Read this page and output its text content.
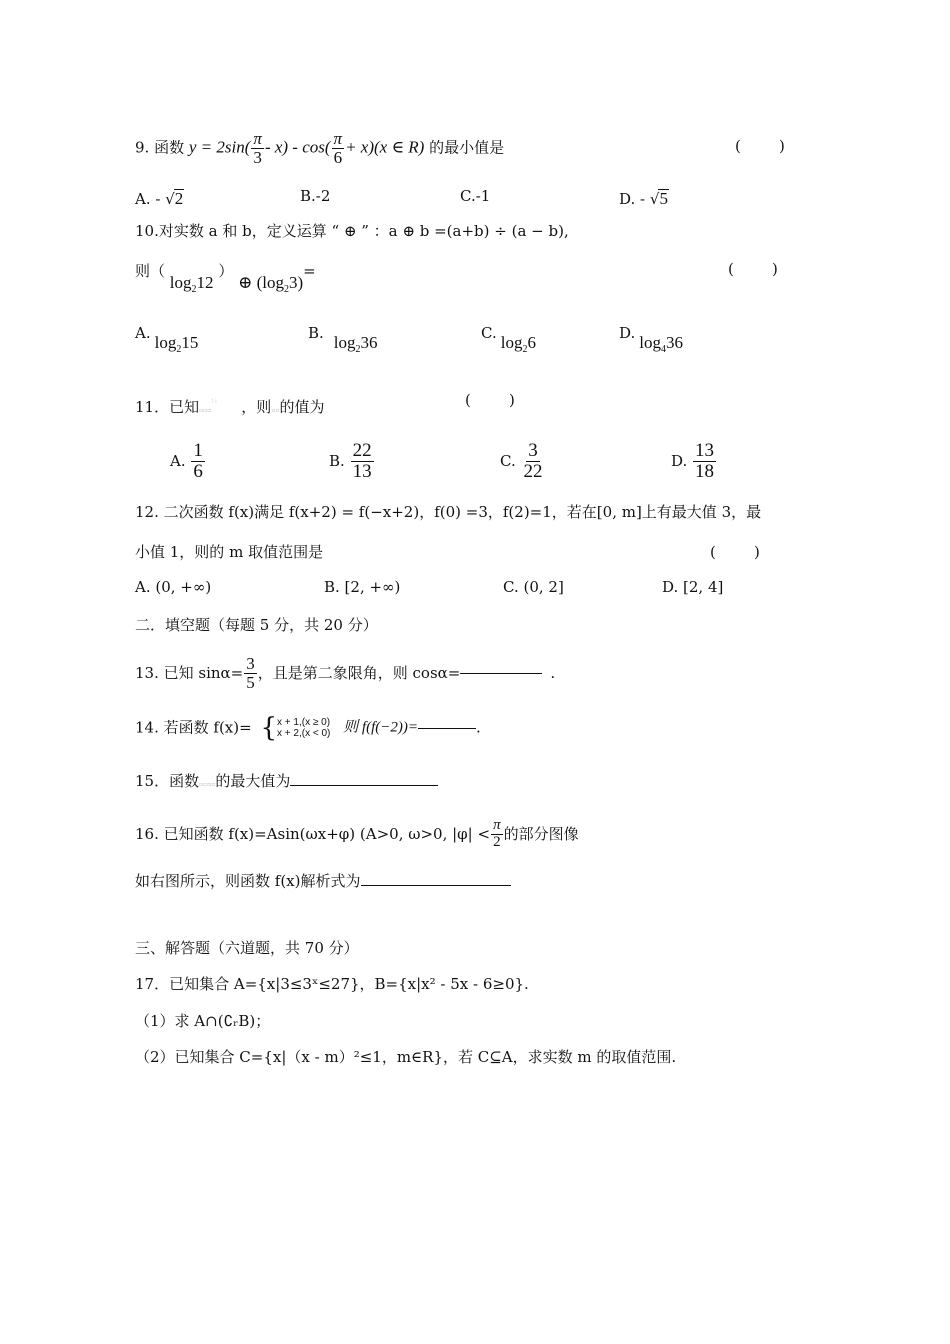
9. 函数 $y = 2\sin( \frac{\pi}{3} - x) - \cos( \frac{\pi}{6} + x)(x$ ∈ R) 的最小值是	(        )
A. - √2	B.-2	C.-1	D. - √5
10.对实数 a 和 b，定义运算 “ ⊕ ” ：a ⊕ b =(a+b) ÷ (a − b),
则（ $\log_212$ ） ⊕ $(\log_23)=$	(        )
A. $\log_215$	B. $\log_236$	C. $\log_26$	D. $\log_436$
11．已知▫▫▫⁝ ⁞ ，则▫▫的值为	(        )
A. $\frac{1}{6}$	B. $\frac{22}{13}$	C. $\frac{3}{22}$	D. $\frac{13}{18}$
12. 二次函数 f(x)满足 f(x+2) = f(−x+2)，f(0) =3，f(2)=1，若在[0, m]上有最大值 3，最
小值 1，则的 m 取值范围是	(        )
A. (0, +∞)	B. [2, +∞)	C. (0, 2]	D. [2, 4]
二．填空题（每题 5 分，共 20 分）
13. 已知 $\sin\alpha= \frac{3}{5}$ ，且是第二象限角，则 cosα=	.
14. 若函数 f(x)= {x + 1,(x ≥ 0)
x + 2,(x < 0) 则 f(f(−2))=	.
15．函数▫▫▫▫的最大值为
16. 已知函数 f(x)=Asin(ωx+φ) (A>0, ω>0, $|\varphi| < \frac{\pi}{2}$ 的部分图像
如右图所示，则函数 f(x)解析式为
三、解答题（六道题，共 70 分）
17．已知集合 A={x|3≤3ˣ≤27}，B={x|x² - 5x - 6≥0}.
（1）求 A∩(∁ᵣB)；
（2）已知集合 C={x|（x - m）²≤1，m∈R}，若 C⊆A，求实数 m 的取值范围.
